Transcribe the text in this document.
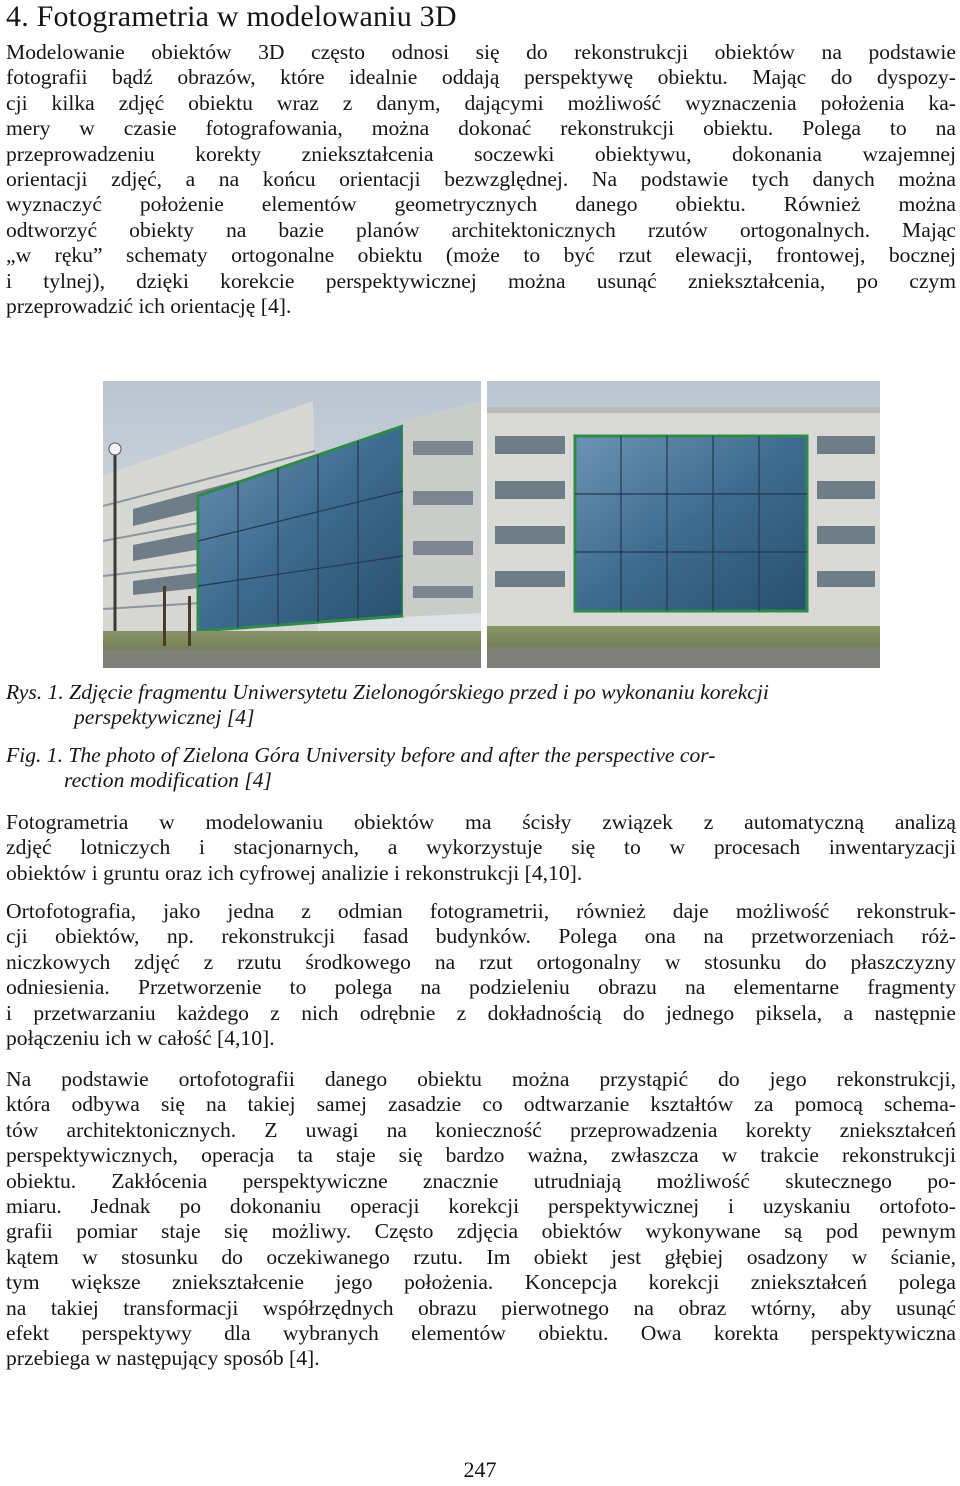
4. Fotogrametria w modelowaniu 3D
Modelowanie obiektów 3D często odnosi się do rekonstrukcji obiektów na podstawie
fotografii bądź obrazów, które idealnie oddają perspektywę obiektu. Mając do dyspozy-
cji kilka zdjęć obiektu wraz z danym, dającymi możliwość wyznaczenia położenia ka-
mery w czasie fotografowania, można dokonać rekonstrukcji obiektu. Polega to na
przeprowadzeniu korekty zniekształcenia soczewki obiektywu, dokonania wzajemnej
orientacji zdjęć, a na końcu orientacji bezwzględnej. Na podstawie tych danych można
wyznaczyć położenie elementów geometrycznych danego obiektu. Również można
odtworzyć obiekty na bazie planów architektonicznych rzutów ortogonalnych. Mając
„w ręku” schematy ortogonalne obiektu (może to być rzut elewacji, frontowej, bocznej
i tylnej), dzięki korekcie perspektywicznej można usunąć zniekształcenia, po czym
przeprowadzić ich orientację [4].
Rys. 1. Zdjęcie fragmentu Uniwersytetu Zielonogórskiego przed i po wykonaniu korekcji
perspektywicznej [4]
Fig. 1. The photo of Zielona Góra University before and after the perspective cor-
rection modification [4]
Fotogrametria w modelowaniu obiektów ma ścisły związek z automatyczną analizą
zdjęć lotniczych i stacjonarnych, a wykorzystuje się to w procesach inwentaryzacji
obiektów i gruntu oraz ich cyfrowej analizie i rekonstrukcji [4,10].
Ortofotografia, jako jedna z odmian fotogrametrii, również daje możliwość rekonstruk-
cji obiektów, np. rekonstrukcji fasad budynków. Polega ona na przetworzeniach róż-
niczkowych zdjęć z rzutu środkowego na rzut ortogonalny w stosunku do płaszczyzny
odniesienia. Przetworzenie to polega na podzieleniu obrazu na elementarne fragmenty
i przetwarzaniu każdego z nich odrębnie z dokładnością do jednego piksela, a następnie
połączeniu ich w całość [4,10].
Na podstawie ortofotografii danego obiektu można przystąpić do jego rekonstrukcji,
która odbywa się na takiej samej zasadzie co odtwarzanie kształtów za pomocą schema-
tów architektonicznych. Z uwagi na konieczność przeprowadzenia korekty zniekształceń
perspektywicznych, operacja ta staje się bardzo ważna, zwłaszcza w trakcie rekonstrukcji
obiektu. Zakłócenia perspektywiczne znacznie utrudniają możliwość skutecznego po-
miaru. Jednak po dokonaniu operacji korekcji perspektywicznej i uzyskaniu ortofoto-
grafii pomiar staje się możliwy. Często zdjęcia obiektów wykonywane są pod pewnym
kątem w stosunku do oczekiwanego rzutu. Im obiekt jest głębiej osadzony w ścianie,
tym większe zniekształcenie jego położenia. Koncepcja korekcji zniekształceń polega
na takiej transformacji współrzędnych obrazu pierwotnego na obraz wtórny, aby usunąć
efekt perspektywy dla wybranych elementów obiektu. Owa korekta perspektywiczna
przebiega w następujący sposób [4].
247
